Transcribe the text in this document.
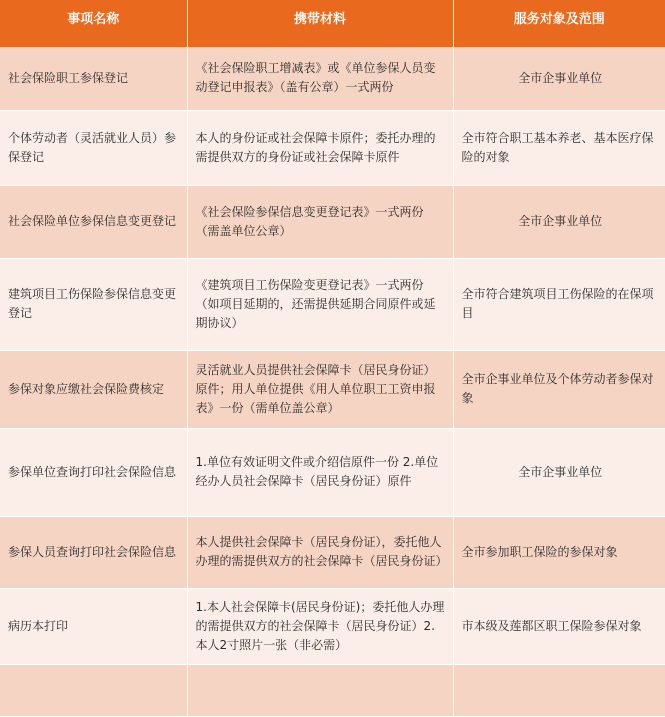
事项名称	携带材料	服务对象及范围
社会保险职工参保登记	《社会保险职工增减表》或《单位参保人员变动登记申报表》（盖有公章）一式两份	全市企事业单位
个体劳动者（灵活就业人员）参保登记	本人的身份证或社会保障卡原件；委托办理的需提供双方的身份证或社会保障卡原件	全市符合职工基本养老、基本医疗保险的对象
社会保险单位参保信息变更登记	《社会保险参保信息变更登记表》一式两份（需盖单位公章）	全市企事业单位
建筑项目工伤保险参保信息变更登记	《建筑项目工伤保险变更登记表》一式两份（如项目延期的，还需提供延期合同原件或延期协议）	全市符合建筑项目工伤保险的在保项目
参保对象应缴社会保险费核定	灵活就业人员提供社会保障卡（居民身份证）原件；用人单位提供《用人单位职工工资申报表》一份（需单位盖公章）	全市企事业单位及个体劳动者参保对象
参保单位查询打印社会保险信息	1.单位有效证明文件或介绍信原件一份 2.单位经办人员社会保障卡（居民身份证）原件	全市企事业单位
参保人员查询打印社会保险信息	本人提供社会保障卡（居民身份证），委托他人办理的需提供双方的社会保障卡（居民身份证）	全市参加职工保险的参保对象
病历本打印	1.本人社会保障卡(居民身份证)；委托他人办理的需提供双方的社会保障卡（居民身份证）2.本人2寸照片一张（非必需）	市本级及莲都区职工保险参保对象
